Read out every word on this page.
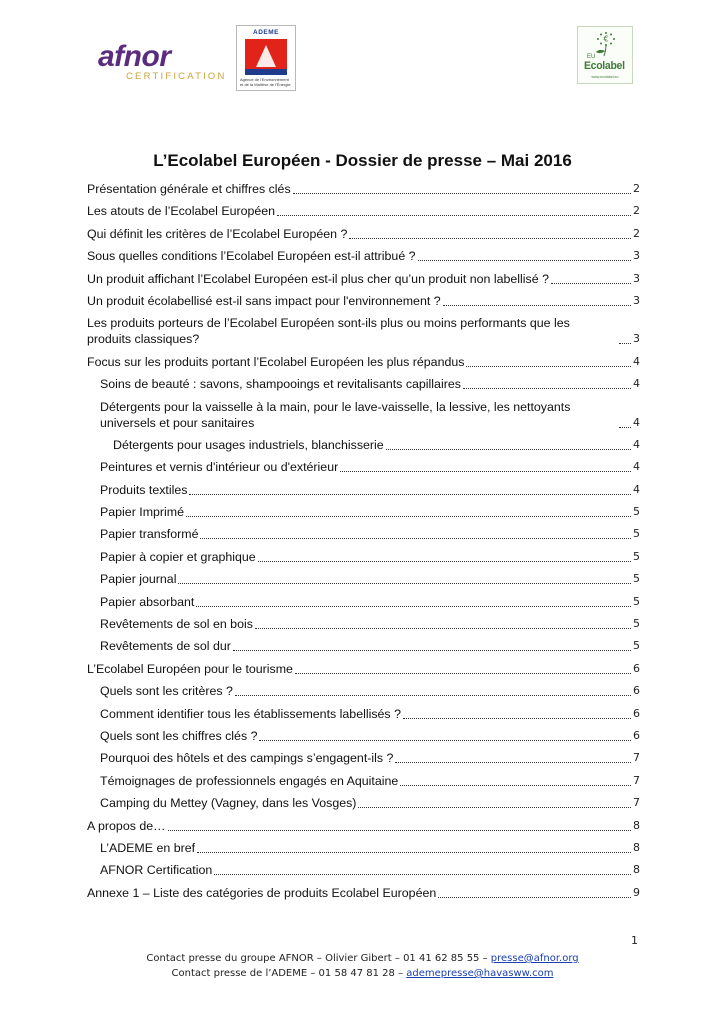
afnor
CERTIFICATION
ADEME
Agence de l'Environnement et de la Maîtrise de l'Énergie
€
EU
Ecolabel
www.ecolabel.eu
L’Ecolabel Européen - Dossier de presse – Mai 2016
Présentation générale et chiffres clés	2
Les atouts de l’Ecolabel Européen	2
Qui définit les critères de l’Ecolabel Européen ?	2
Sous quelles conditions l’Ecolabel Européen est-il attribué ?	3
Un produit affichant l’Ecolabel Européen est-il plus cher qu’un produit non labellisé ?	3
Un produit écolabellisé est-il sans impact pour l'environnement ?	3
Les produits porteurs de l’Ecolabel Européen sont-ils plus ou moins performants que les produits classiques?	3
Focus sur les produits portant l’Ecolabel Européen les plus répandus	4
Soins de beauté : savons, shampooings et revitalisants capillaires	4
Détergents pour la vaisselle à la main, pour le lave-vaisselle, la lessive, les nettoyants universels et pour sanitaires	4
Détergents pour usages industriels, blanchisserie	4
Peintures et vernis d'intérieur ou d'extérieur	4
Produits textiles	4
Papier Imprimé	5
Papier transformé	5
Papier à copier et graphique	5
Papier journal	5
Papier absorbant	5
Revêtements de sol en bois	5
Revêtements de sol dur	5
L’Ecolabel Européen pour le tourisme	6
Quels sont les critères ?	6
Comment identifier tous les établissements labellisés ?	6
Quels sont les chiffres clés ?	6
Pourquoi des hôtels et des campings s’engagent-ils ?	7
Témoignages de professionnels engagés en Aquitaine	7
Camping du Mettey (Vagney, dans les Vosges)	7
A propos de…	8
L’ADEME en bref	8
AFNOR Certification	8
Annexe 1 – Liste des catégories de produits Ecolabel Européen	9
1
Contact presse du groupe AFNOR – Olivier Gibert – 01 41 62 85 55 – presse@afnor.org
Contact presse de l’ADEME – 01 58 47 81 28 – ademepresse@havasww.com
